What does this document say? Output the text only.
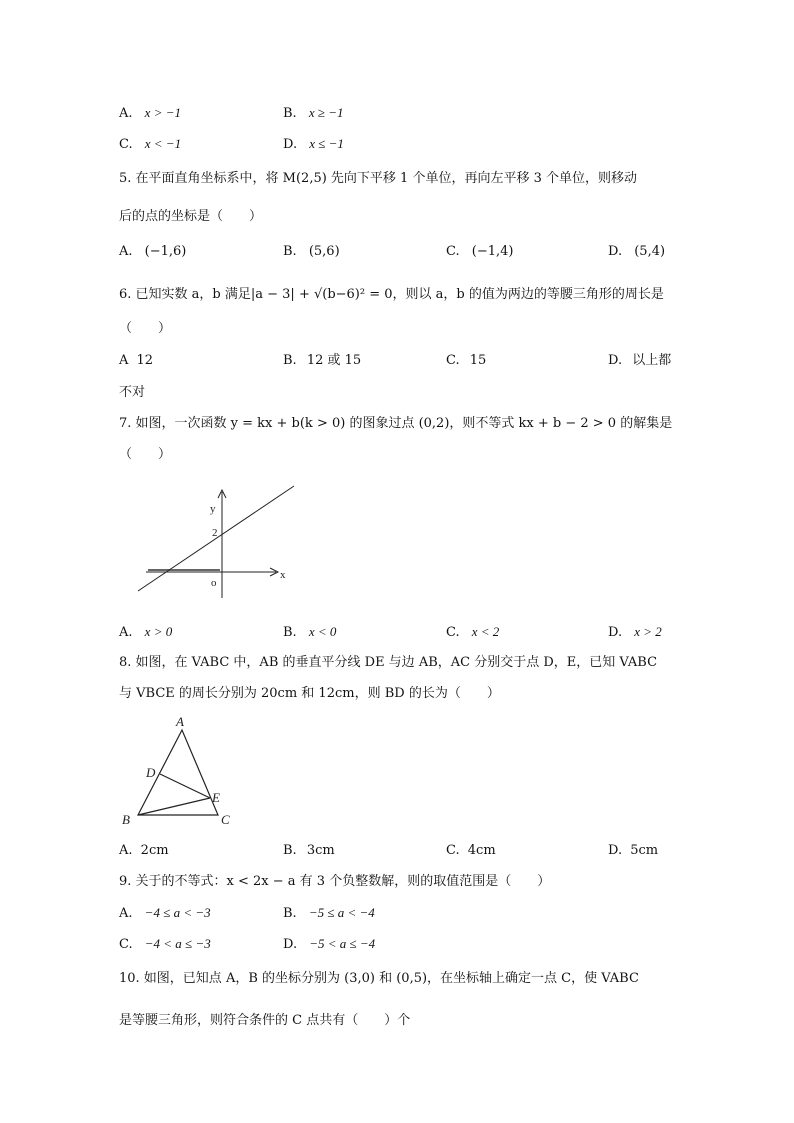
A. x > −1	B. x ≥ −1
C. x < −1	D. x ≤ −1
5. 在平面直角坐标系中，将 M(2,5) 先向下平移 1 个单位，再向左平移 3 个单位，则移动
后的点的坐标是（　　）
A. (−1,6)	B. (5,6)	C. (−1,4)	D. (5,4)
6. 已知实数 a，b 满足|a − 3| + √(b−6)² = 0，则以 a，b 的值为两边的等腰三角形的周长是
（　　）
A 12	B. 12 或 15	C. 15	D. 以上都
不对
7. 如图，一次函数 y = kx + b(k > 0) 的图象过点 (0,2)，则不等式 kx + b − 2 > 0 的解集是
（　　）
y
2
x
o
A. x > 0	B. x < 0	C. x < 2	D. x > 2
8. 如图，在 VABC 中，AB 的垂直平分线 DE 与边 AB，AC 分别交于点 D，E，已知 VABC
与 VBCE 的周长分别为 20cm 和 12cm，则 BD 的长为（　　）
A
B	C
D
E
A. 2cm	B. 3cm	C. 4cm	D. 5cm
9. 关于的不等式：x < 2x − a 有 3 个负整数解，则的取值范围是（　　）
A. −4 ≤ a < −3	B. −5 ≤ a < −4
C. −4 < a ≤ −3	D. −5 < a ≤ −4
10. 如图，已知点 A，B 的坐标分别为 (3,0) 和 (0,5)，在坐标轴上确定一点 C，使 VABC
是等腰三角形，则符合条件的 C 点共有（　　）个
